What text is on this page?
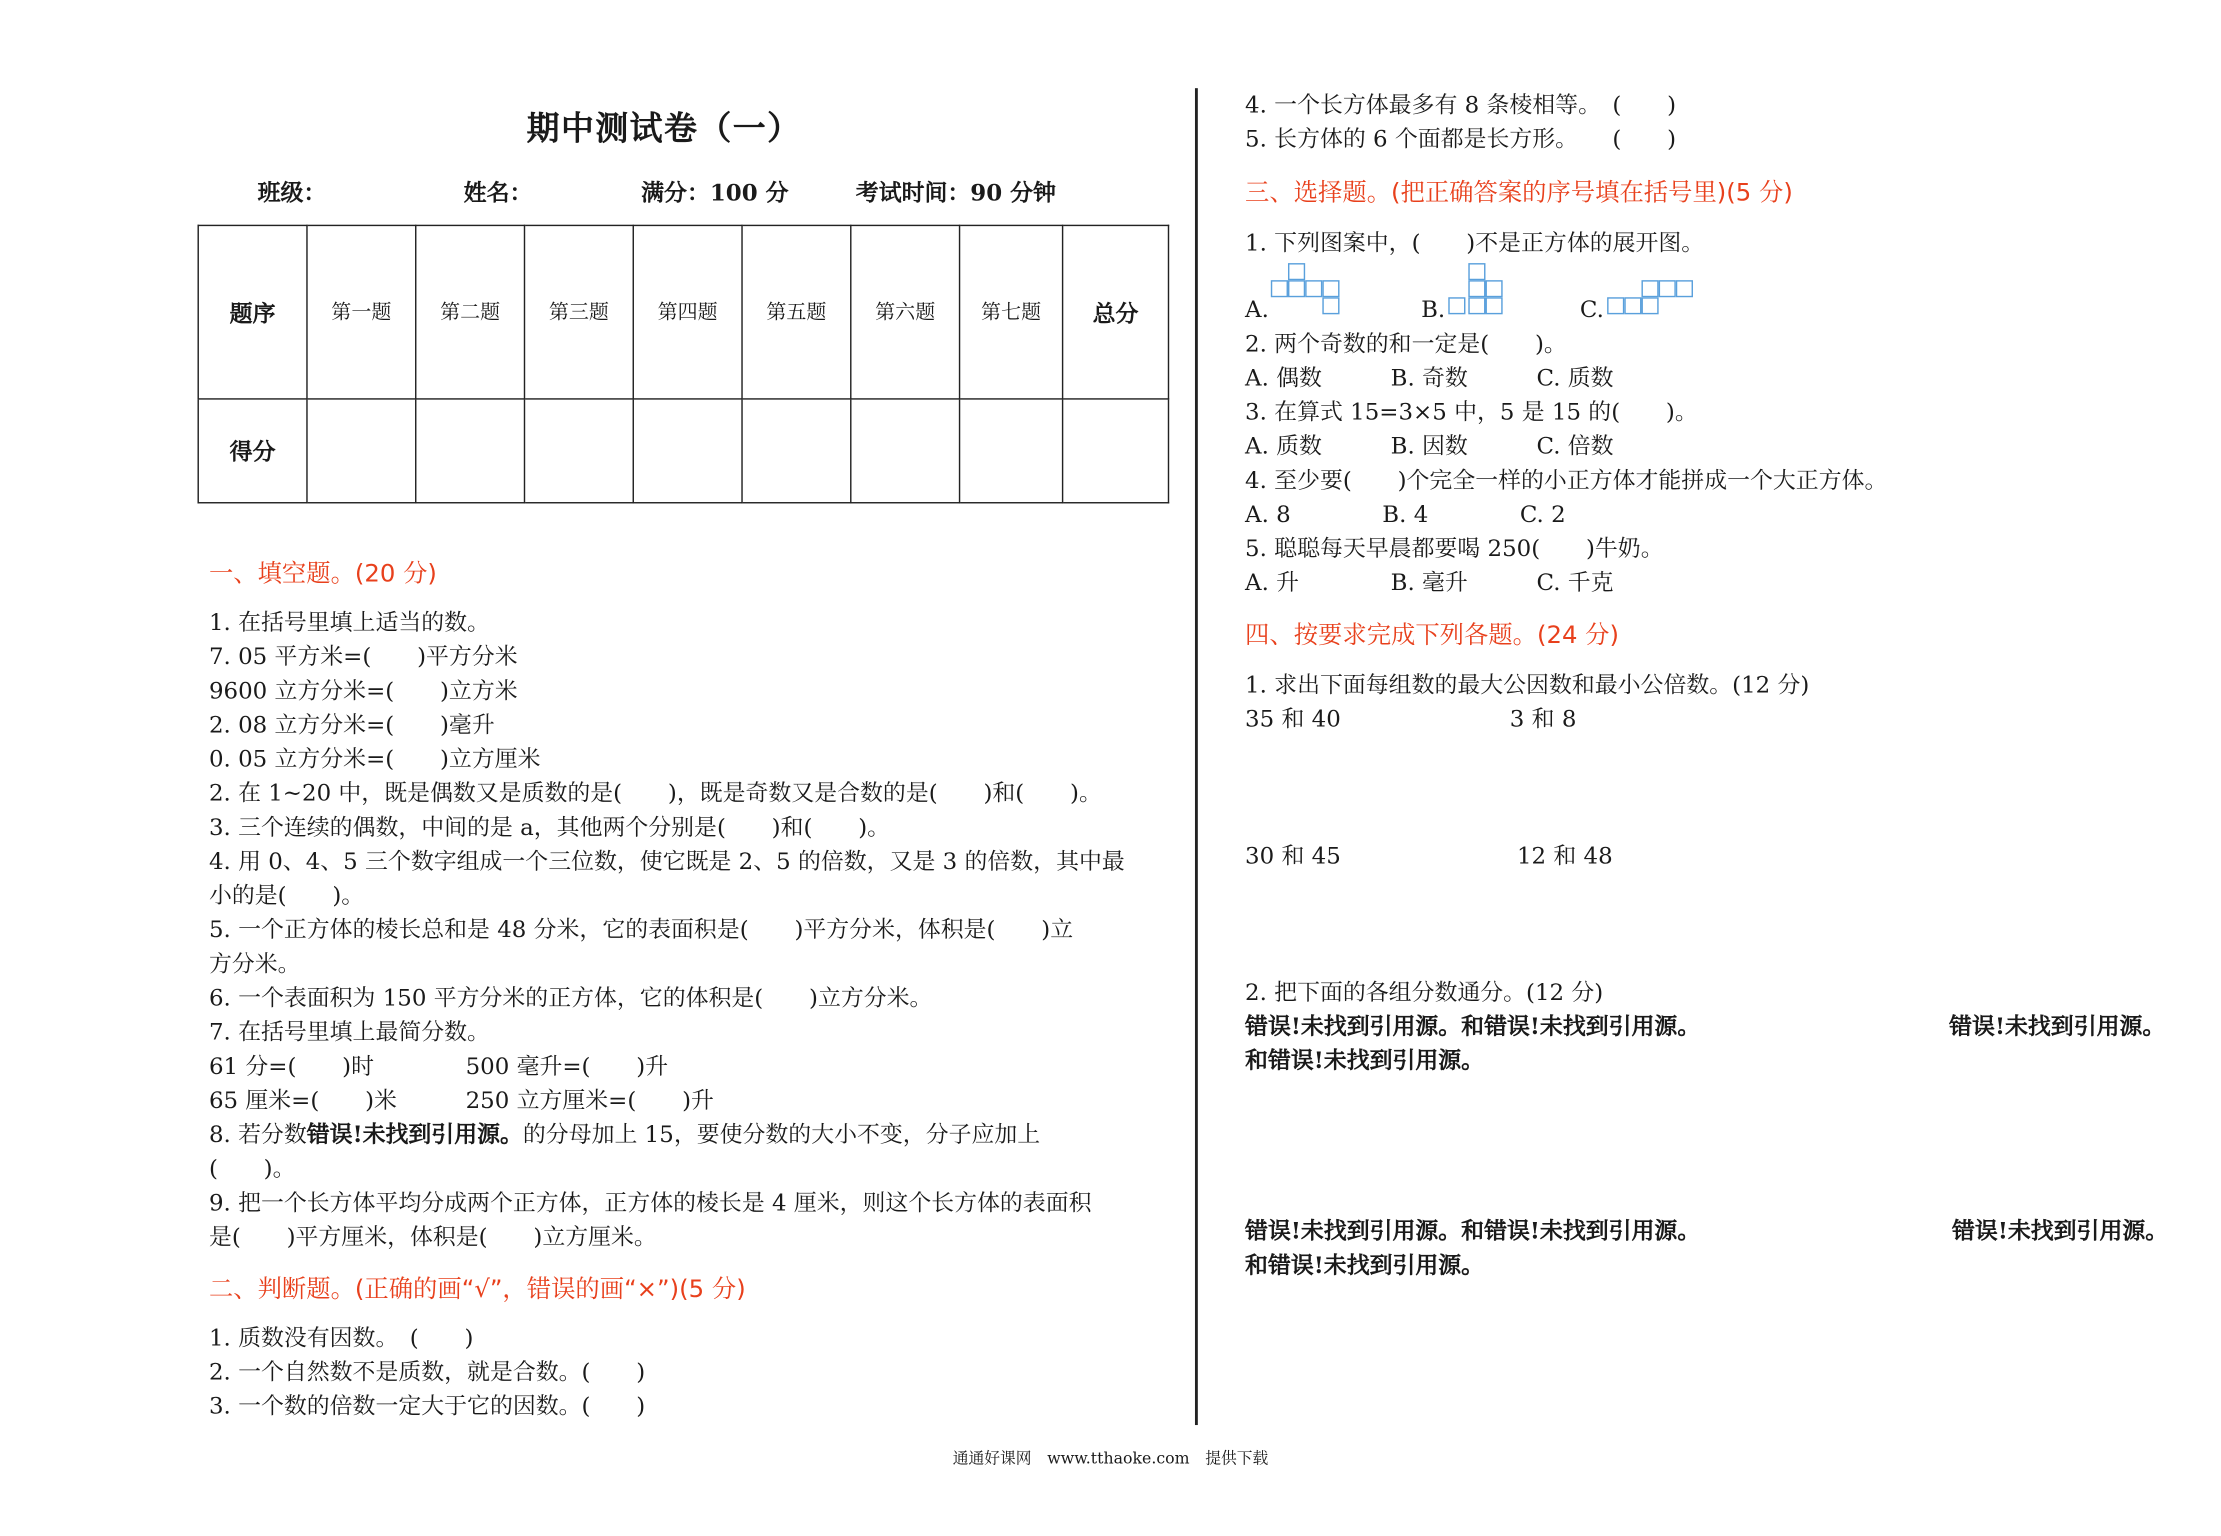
期中测试卷（一）
班级：	姓名：	满分：100 分	考试时间：90 分钟
题序	第一题	第二题	第三题	第四题	第五题	第六题	第七题	总分
得分								
一、填空题。(20 分)
1. 在括号里填上适当的数。
7. 05 平方米=(　　)平方分米
9600 立方分米=(　　)立方米
2. 08 立方分米=(　　)毫升
0. 05 立方分米=(　　)立方厘米
2. 在 1~20 中，既是偶数又是质数的是(　　)，既是奇数又是合数的是(　　)和(　　)。
3. 三个连续的偶数，中间的是 a，其他两个分别是(　　)和(　　)。
4. 用 0、4、5 三个数字组成一个三位数，使它既是 2、5 的倍数，又是 3 的倍数，其中最
小的是(　　)。
5. 一个正方体的棱长总和是 48 分米，它的表面积是(　　)平方分米，体积是(　　)立
方分米。
6. 一个表面积为 150 平方分米的正方体，它的体积是(　　)立方分米。
7. 在括号里填上最简分数。
61 分=(　　)时　　　　500 毫升=(　　)升
65 厘米=(　　)米　　　250 立方厘米=(　　)升
8. 若分数错误!未找到引用源。的分母加上 15，要使分数的大小不变，分子应加上
(　　)。
9. 把一个长方体平均分成两个正方体，正方体的棱长是 4 厘米，则这个长方体的表面积
是(　　)平方厘米，体积是(　　)立方厘米。
二、判断题。(正确的画“√”，错误的画“×”)(5 分)
1. 质数没有因数。　(　　)
2. 一个自然数不是质数，就是合数。(　　)
3. 一个数的倍数一定大于它的因数。(　　)
4. 一个长方体最多有 8 条棱相等。　(　　)
5. 长方体的 6 个面都是长方形。　　(　　)
三、选择题。(把正确答案的序号填在括号里)(5 分)
1. 下列图案中，(　　)不是正方体的展开图。
A.	B.	C.
2. 两个奇数的和一定是(　　)。
A. 偶数　　　B. 奇数　　　C. 质数
3. 在算式 15=3×5 中，5 是 15 的(　　)。
A. 质数　　　B. 因数　　　C. 倍数
4. 至少要(　　)个完全一样的小正方体才能拼成一个大正方体。
A. 8　　　　B. 4　　　　C. 2
5. 聪聪每天早晨都要喝 250(　　)牛奶。
A. 升　　　　B. 毫升　　　C. 千克
四、按要求完成下列各题。(24 分)
1. 求出下面每组数的最大公因数和最小公倍数。(12 分)
35 和 40	3 和 8
30 和 45	12 和 48
2. 把下面的各组分数通分。(12 分)
错误!未找到引用源。和错误!未找到引用源。	错误!未找到引用源。
和错误!未找到引用源。
错误!未找到引用源。和错误!未找到引用源。	错误!未找到引用源。
和错误!未找到引用源。
通通好课网　www.tthaoke.com　提供下载
